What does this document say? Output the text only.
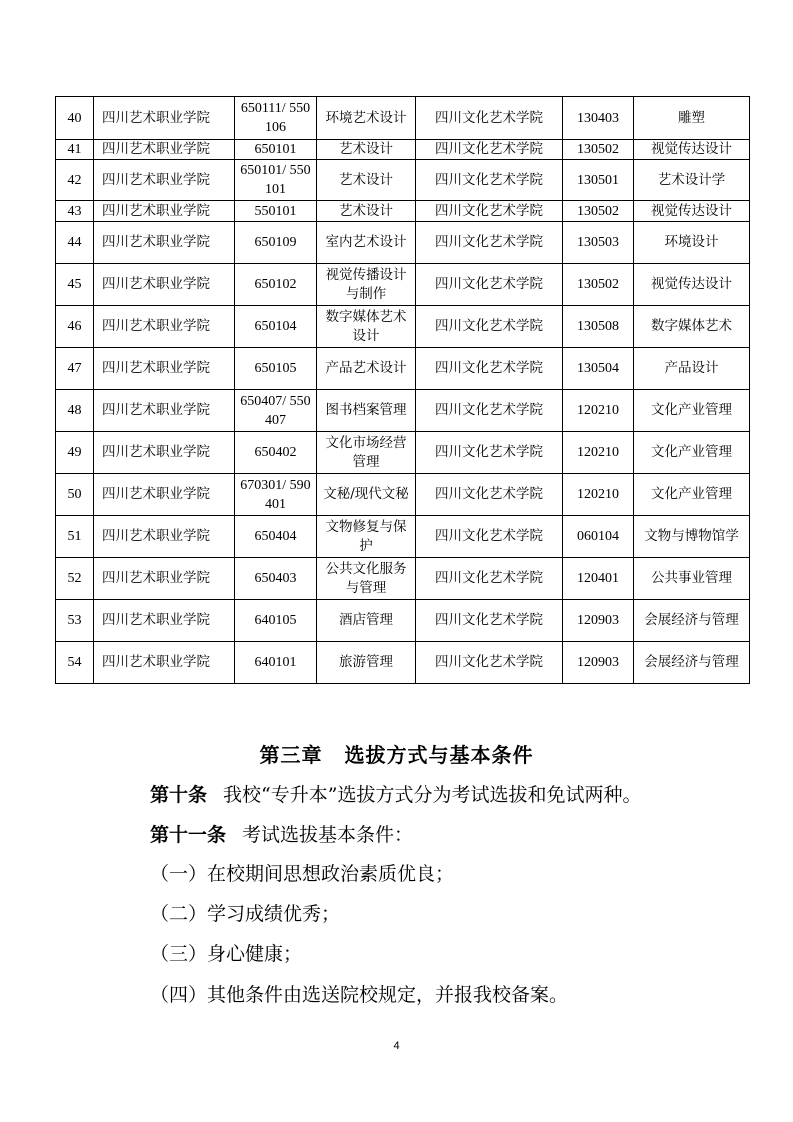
40	四川艺术职业学院	650111/ 550106	环境艺术设计	四川文化艺术学院	130403	雕塑
41	四川艺术职业学院	650101	艺术设计	四川文化艺术学院	130502	视觉传达设计
42	四川艺术职业学院	650101/ 550101	艺术设计	四川文化艺术学院	130501	艺术设计学
43	四川艺术职业学院	550101	艺术设计	四川文化艺术学院	130502	视觉传达设计
44	四川艺术职业学院	650109	室内艺术设计	四川文化艺术学院	130503	环境设计
45	四川艺术职业学院	650102	视觉传播设计与制作	四川文化艺术学院	130502	视觉传达设计
46	四川艺术职业学院	650104	数字媒体艺术设计	四川文化艺术学院	130508	数字媒体艺术
47	四川艺术职业学院	650105	产品艺术设计	四川文化艺术学院	130504	产品设计
48	四川艺术职业学院	650407/ 550407	图书档案管理	四川文化艺术学院	120210	文化产业管理
49	四川艺术职业学院	650402	文化市场经营管理	四川文化艺术学院	120210	文化产业管理
50	四川艺术职业学院	670301/ 590401	文秘/现代文秘	四川文化艺术学院	120210	文化产业管理
51	四川艺术职业学院	650404	文物修复与保护	四川文化艺术学院	060104	文物与博物馆学
52	四川艺术职业学院	650403	公共文化服务与管理	四川文化艺术学院	120401	公共事业管理
53	四川艺术职业学院	640105	酒店管理	四川文化艺术学院	120903	会展经济与管理
54	四川艺术职业学院	640101	旅游管理	四川文化艺术学院	120903	会展经济与管理
第三章 选拔方式与基本条件
第十条 我校“专升本”选拔方式分为考试选拔和免试两种。
第十一条 考试选拔基本条件：
（一）在校期间思想政治素质优良；
（二）学习成绩优秀；
（三）身心健康；
（四）其他条件由选送院校规定，并报我校备案。
4
